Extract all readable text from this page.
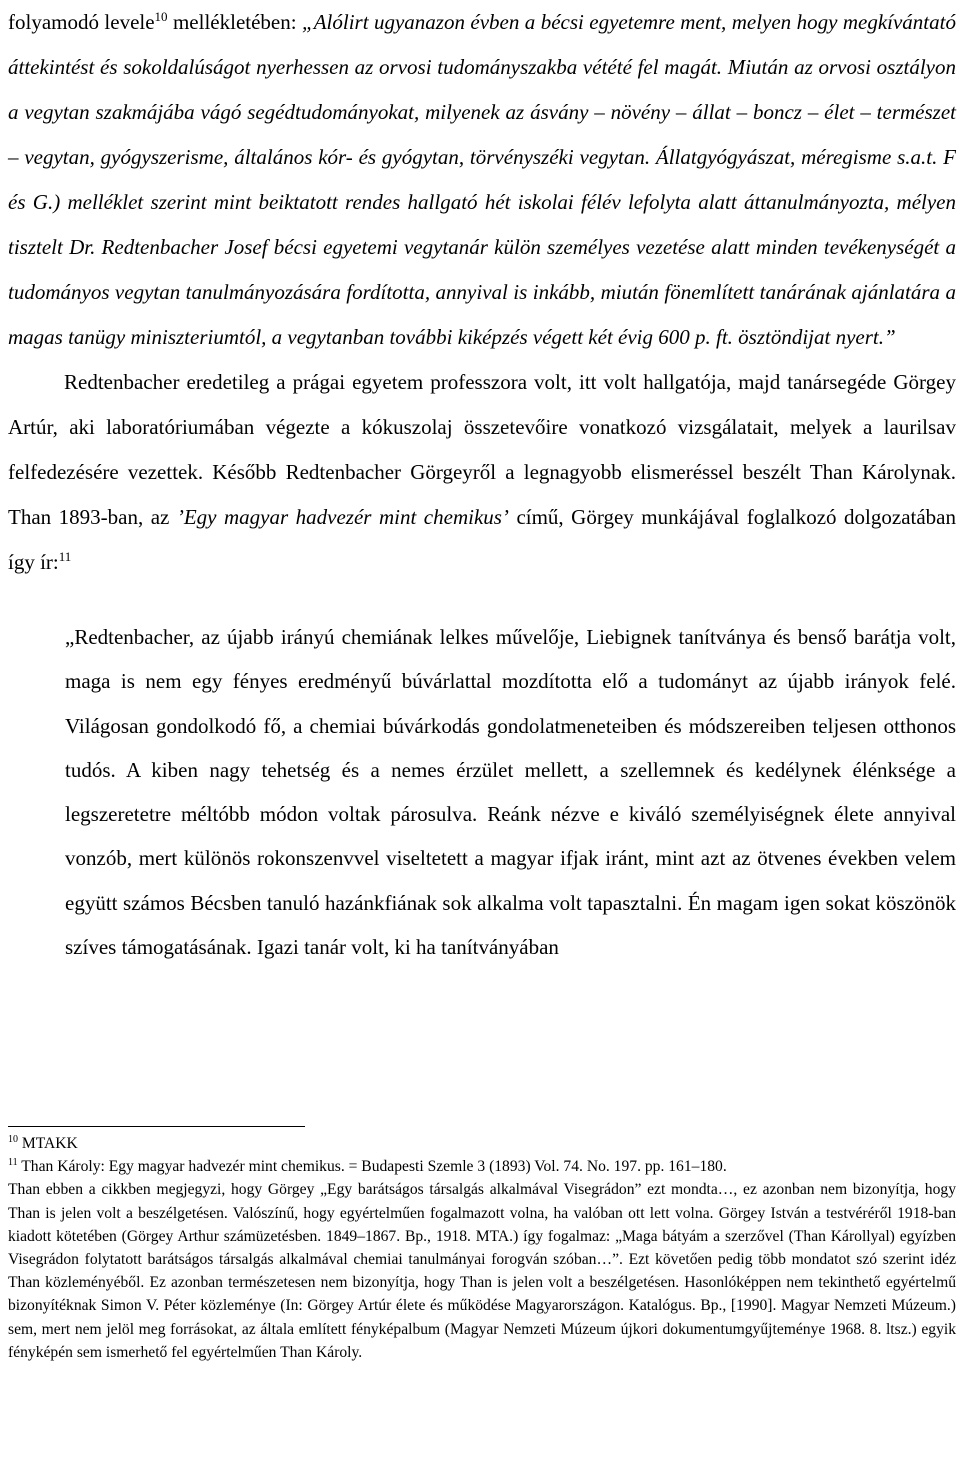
folyamodó levele$^{10}$ mellékletében: „Alólirt ugyanazon évben a bécsi egyetemre ment, melyen hogy megkívántató áttekintést és sokoldalúságot nyerhessen az orvosi tudományszakba vétété fel magát. Miután az orvosi osztályon a vegytan szakmájába vágó segédtudományokat, milyenek az ásvány – növény – állat – boncz – élet – természet – vegytan, gyógyszerisme, általános kór- és gyógytan, törvényszéki vegytan. Állatgyógyászat, méregisme s.a.t. F és G.) melléklet szerint mint beiktatott rendes hallgató hét iskolai félév lefolyta alatt áttanulmányozta, mélyen tisztelt Dr. Redtenbacher Josef bécsi egyetemi vegytanár külön személyes vezetése alatt minden tevékenységét a tudományos vegytan tanulmányozására fordította, annyival is inkább, miután fönemlített tanárának ajánlatára a magas tanügy miniszteriumtól, a vegytanban további kiképzés végett két évig 600 p. ft. ösztöndijat nyert.”

Redtenbacher eredetileg a prágai egyetem professzora volt, itt volt hallgatója, majd tanársegéde Görgey Artúr, aki laboratóriumában végezte a kókuszolaj összetevőire vonatkozó vizsgálatait, melyek a laurilsav felfedezésére vezettek. Később Redtenbacher Görgeyről a legnagyobb elismeréssel beszélt Than Károlynak. Than 1893-ban, az ’Egy magyar hadvezér mint chemikus’ című, Görgey munkájával foglalkozó dolgozatában így ír:$^{11}$

„Redtenbacher, az újabb irányú chemiának lelkes művelője, Liebignek tanítványa és benső barátja volt, maga is nem egy fényes eredményű búvárlattal mozdította elő a tudományt az újabb irányok felé. Világosan gondolkodó fő, a chemiai búvárkodás gondolatmeneteiben és módszereiben teljesen otthonos tudós. A kiben nagy tehetség és a nemes érzület mellett, a szellemnek és kedélynek élénksége a legszeretetre méltóbb módon voltak párosulva. Reánk nézve e kiváló személyiségnek élete annyival vonzób, mert különös rokonszenvvel viseltetett a magyar ifjak iránt, mint azt az ötvenes években velem együtt számos Bécsben tanuló hazánkfiának sok alkalma volt tapasztalni. Én magam igen sokat köszönök szíves támogatásának. Igazi tanár volt, ki ha tanítványában

$^{10}$ MTAKK

$^{11}$ Than Károly: Egy magyar hadvezér mint chemikus. = Budapesti Szemle 3 (1893) Vol. 74. No. 197. pp. 161–180.

Than ebben a cikkben megjegyzi, hogy Görgey „Egy barátságos társalgás alkalmával Visegrádon” ezt mondta…, ez azonban nem bizonyítja, hogy Than is jelen volt a beszélgetésen. Valószínű, hogy egyértelműen fogalmazott volna, ha valóban ott lett volna. Görgey István a testvéréről 1918-ban kiadott kötetében (Görgey Arthur számüzetésben. 1849–1867. Bp., 1918. MTA.) így fogalmaz: „Maga bátyám a szerzővel (Than Károllyal) egyízben Visegrádon folytatott barátságos társalgás alkalmával chemiai tanulmányai forogván szóban…”. Ezt követően pedig több mondatot szó szerint idéz Than közleményéből. Ez azonban természetesen nem bizonyítja, hogy Than is jelen volt a beszélgetésen. Hasonlóképpen nem tekinthető egyértelmű bizonyítéknak Simon V. Péter közleménye (In: Görgey Artúr élete és működése Magyarországon. Katalógus. Bp., [1990]. Magyar Nemzeti Múzeum.) sem, mert nem jelöl meg forrásokat, az általa említett fényképalbum (Magyar Nemzeti Múzeum újkori dokumentumgyűjteménye 1968. 8. ltsz.) egyik fényképén sem ismerhető fel egyértelműen Than Károly.
